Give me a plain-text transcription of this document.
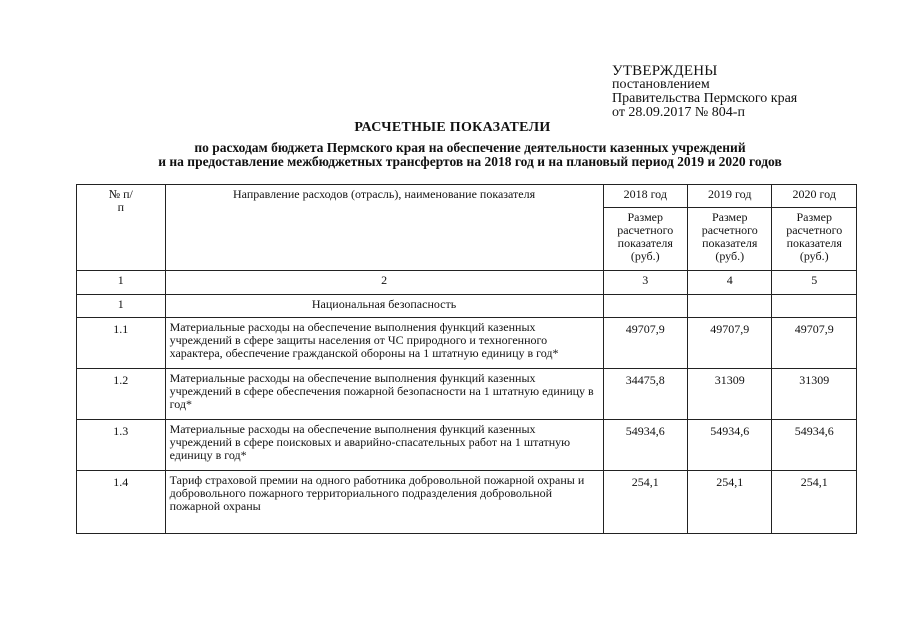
УТВЕРЖДЕНЫ
постановлением
Правительства Пермского края
от 28.09.2017 № 804-п
РАСЧЕТНЫЕ ПОКАЗАТЕЛИ
по расходам бюджета Пермского края на обеспечение деятельности казенных учреждений
и на предоставление межбюджетных трансфертов на 2018 год и на плановый период 2019 и 2020 годов
№ п/п	Направление расходов (отрасль), наименование показателя	2018 год	2019 год	2020 год
		Размер расчетного показателя (руб.)	Размер расчетного показателя (руб.)	Размер расчетного показателя (руб.)
1	2	3	4	5
1	Национальная безопасность			
1.1	Материальные расходы на обеспечение выполнения функций казенных учреждений в сфере защиты населения от ЧС природного и техногенного характера, обеспечение гражданской обороны на 1 штатную единицу в год*	49707,9	49707,9	49707,9
1.2	Материальные расходы на обеспечение выполнения функций казенных учреждений в сфере обеспечения пожарной безопасности на 1 штатную единицу в год*	34475,8	31309	31309
1.3	Материальные расходы на обеспечение выполнения функций казенных учреждений в сфере поисковых и аварийно-спасательных работ на 1 штатную единицу в год*	54934,6	54934,6	54934,6
1.4	Тариф страховой премии на одного работника добровольной пожарной охраны и добровольного пожарного территориального подразделения добровольной пожарной охраны	254,1	254,1	254,1
